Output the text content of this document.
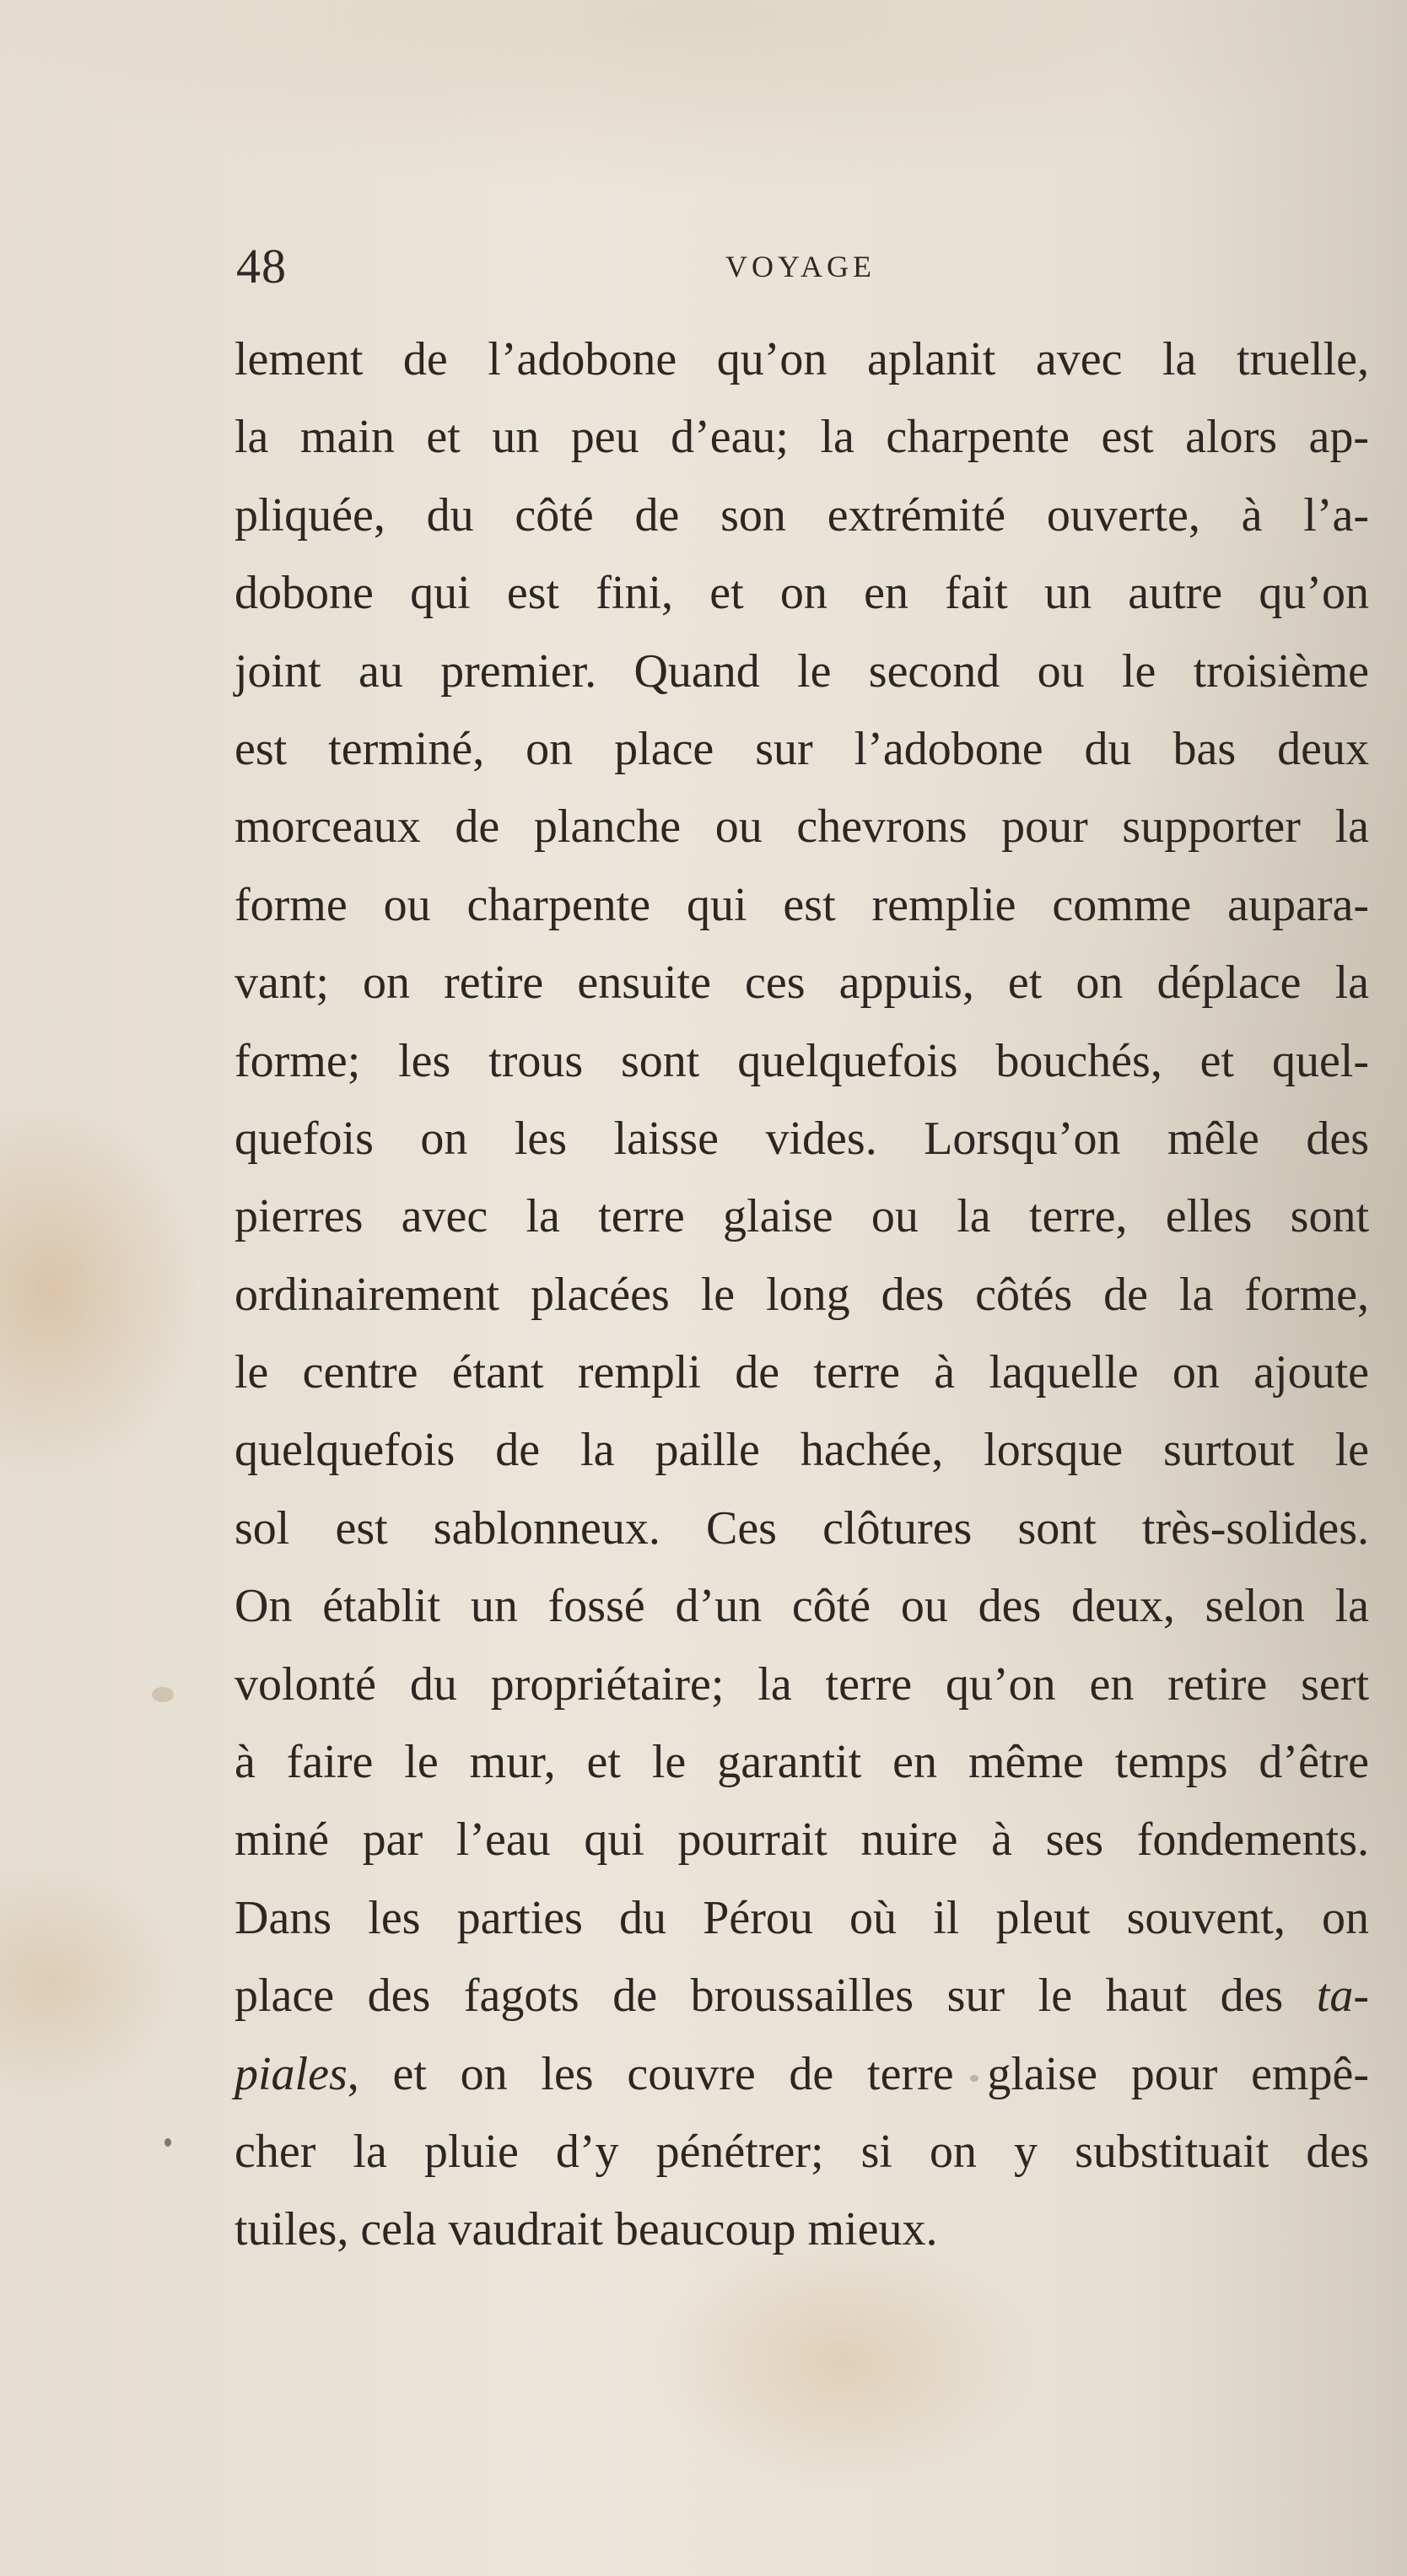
48	VOYAGE
lement de l’adobone qu’on aplanit avec la truelle,
la main et un peu d’eau; la charpente est alors ap-
pliquée, du côté de son extrémité ouverte, à l’a-
dobone qui est fini, et on en fait un autre qu’on
joint au premier. Quand le second ou le troisième
est terminé, on place sur l’adobone du bas deux
morceaux de planche ou chevrons pour supporter la
forme ou charpente qui est remplie comme aupara-
vant; on retire ensuite ces appuis, et on déplace la
forme; les trous sont quelquefois bouchés, et quel-
quefois on les laisse vides. Lorsqu’on mêle des
pierres avec la terre glaise ou la terre, elles sont
ordinairement placées le long des côtés de la forme,
le centre étant rempli de terre à laquelle on ajoute
quelquefois de la paille hachée, lorsque surtout le
sol est sablonneux. Ces clôtures sont très-solides.
On établit un fossé d’un côté ou des deux, selon la
volonté du propriétaire; la terre qu’on en retire sert
à faire le mur, et le garantit en même temps d’être
miné par l’eau qui pourrait nuire à ses fondements.
Dans les parties du Pérou où il pleut souvent, on
place des fagots de broussailles sur le haut des ta-
piales, et on les couvre de terre glaise pour empê-
cher la pluie d’y pénétrer; si on y substituait des
tuiles, cela vaudrait beaucoup mieux.
